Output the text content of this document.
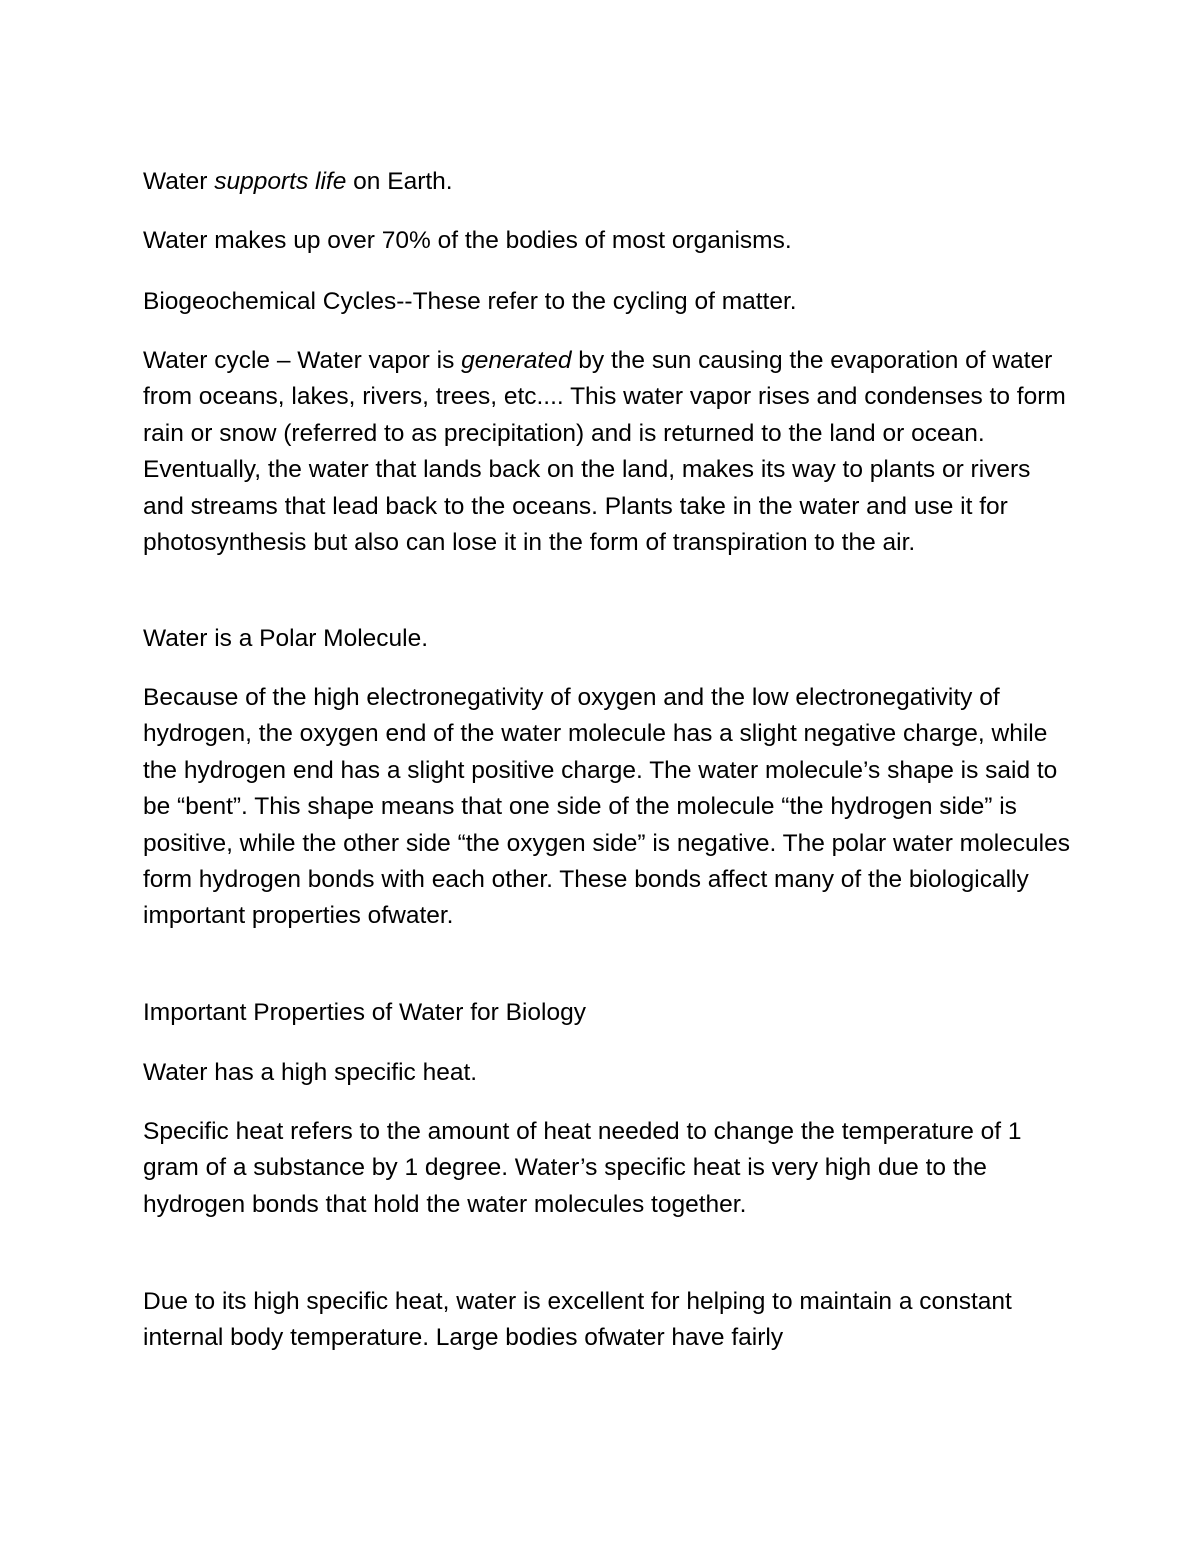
Water supports life on Earth.

Water makes up over 70% of the bodies of most organisms.

Biogeochemical Cycles--These refer to the cycling of matter.

Water cycle – Water vapor is generated by the sun causing the evaporation of water from oceans, lakes, rivers, trees, etc.... This water vapor rises and condenses to form rain or snow (referred to as precipitation) and is returned to the land or ocean. Eventually, the water that lands back on the land, makes its way to plants or rivers and streams that lead back to the oceans. Plants take in the water and use it for photosynthesis but also can lose it in the form of transpiration to the air.

Water is a Polar Molecule.

Because of the high electronegativity of oxygen and the low electronegativity of hydrogen, the oxygen end of the water molecule has a slight negative charge, while the hydrogen end has a slight positive charge. The water molecule’s shape is said to be “bent”. This shape means that one side of the molecule “the hydrogen side” is positive, while the other side “the oxygen side” is negative. The polar water molecules form hydrogen bonds with each other. These bonds affect many of the biologically important properties ofwater.

Important Properties of Water for Biology

Water has a high specific heat.

Specific heat refers to the amount of heat needed to change the temperature of 1 gram of a substance by 1 degree. Water’s specific heat is very high due to the hydrogen bonds that hold the water molecules together.

Due to its high specific heat, water is excellent for helping to maintain a constant internal body temperature. Large bodies ofwater have fairly
